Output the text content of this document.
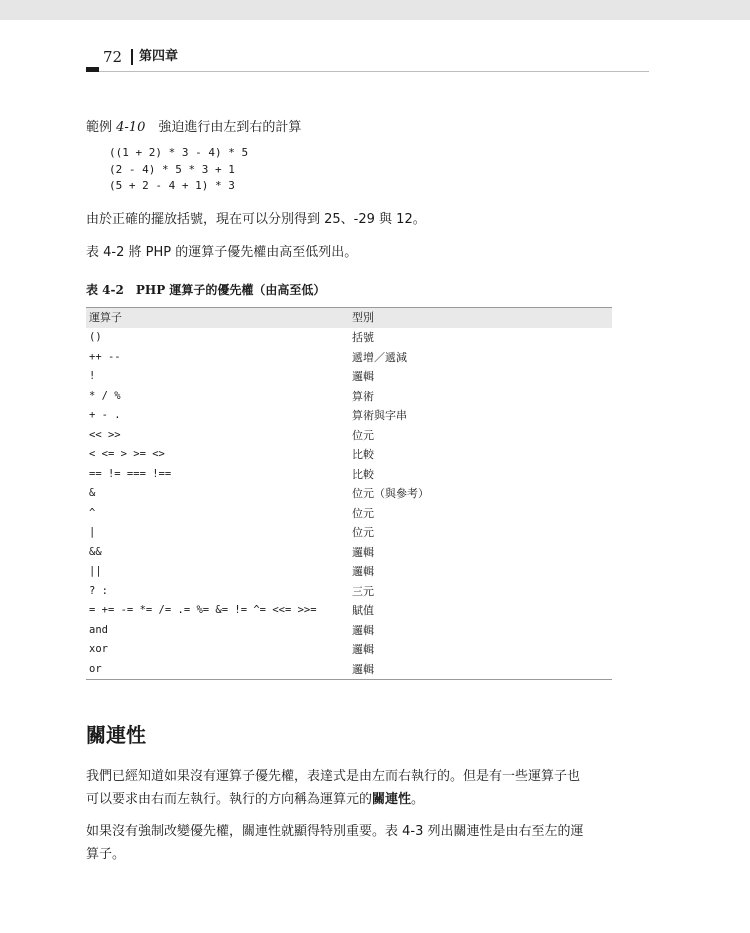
72 第四章
範例 4-10　強迫進行由左到右的計算
((1 + 2) * 3 - 4) * 5
(2 - 4) * 5 * 3 + 1
(5 + 2 - 4 + 1) * 3
由於正確的擺放括號，現在可以分別得到 25、-29 與 12。
表 4-2 將 PHP 的運算子優先權由高至低列出。
表 4-2　PHP 運算子的優先權（由高至低）
運算子	型別
()	括號
++ --	遞增／遞減
!	邏輯
* / %	算術
+ - .	算術與字串
<< >>	位元
< <= > >= <>	比較
== != === !==	比較
&	位元（與參考）
^	位元
|	位元
&&	邏輯
||	邏輯
? :	三元
= += -= *= /= .= %= &= != ^= <<= >>=	賦值
and	邏輯
xor	邏輯
or	邏輯
關連性
我們已經知道如果沒有運算子優先權，表達式是由左而右執行的。但是有一些運算子也
可以要求由右而左執行。執行的方向稱為運算元的關連性。
如果沒有強制改變優先權，關連性就顯得特別重要。表 4-3 列出關連性是由右至左的運
算子。
